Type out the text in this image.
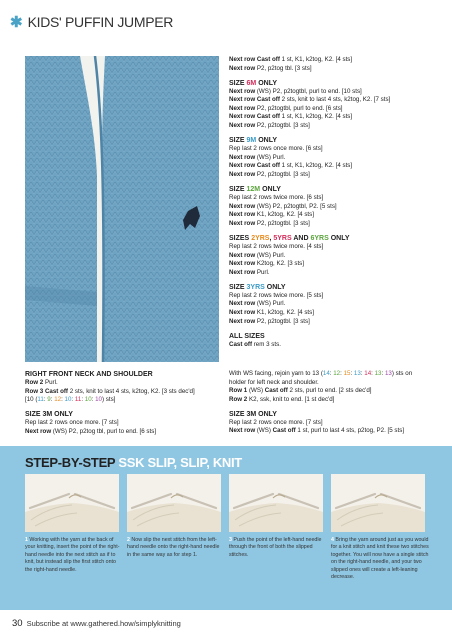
✱ KIDS' PUFFIN JUMPER
Next row Cast off 1 st, K1, k2tog, K2. [4 sts]
Next row P2, p2tog tbl. [3 sts]
SIZE 6M ONLY
Next row (WS) P2, p2togtbl, purl to end. [10 sts]
Next row Cast off 2 sts, knit to last 4 sts, k2tog, K2. [7 sts]
Next row P2, p2togtbl, purl to end. [6 sts]
Next row Cast off 1 st, K1, k2tog, K2. [4 sts]
Next row P2, p2togtbl. [3 sts]
SIZE 9M ONLY
Rep last 2 rows once more. [6 sts]
Next row (WS) Purl.
Next row Cast off 1 st, K1, k2tog, K2. [4 sts]
Next row P2, p2togtbl. [3 sts]
SIZE 12M ONLY
Rep last 2 rows twice more. [6 sts]
Next row (WS) P2, p2togtbl, P2. [5 sts]
Next row K1, k2tog, K2. [4 sts]
Next row P2, p2togtbl. [3 sts]
SIZES 2YRS, 5YRS AND 6YRS ONLY
Rep last 2 rows twice more. [4 sts]
Next row (WS) Purl.
Next row K2tog, K2. [3 sts]
Next row Purl.
SIZE 3YRS ONLY
Rep last 2 rows twice more. [5 sts]
Next row (WS) Purl.
Next row K1, k2tog, K2. [4 sts]
Next row P2, p2togtbl. [3 sts]
ALL SIZES
Cast off rem 3 sts.
RIGHT FRONT NECK AND SHOULDER
Row 2 Purl.
Row 3 Cast off 2 sts, knit to last 4 sts, k2tog, K2. [3 sts dec'd]
[10 (11: 9: 12: 10: 11: 10: 10) sts]
SIZE 3M ONLY
Rep last 2 rows once more. [7 sts]
Next row (WS) P2, p2tog tbl, purl to end. [6 sts]
With WS facing, rejoin yarn to 13 (14: 12: 15: 13: 14: 13: 13) sts on
holder for left neck and shoulder.
Row 1 (WS) Cast off 2 sts, purl to end. [2 sts dec'd]
Row 2 K2, ssk, knit to end. [1 st dec'd]
SIZE 3M ONLY
Rep last 2 rows once more. [7 sts]
Next row (WS) Cast off 1 st, purl to last 4 sts, p2tog, P2. [5 sts]
STEP-BY-STEP SSK SLIP, SLIP, KNIT
1 Working with the yarn at the back of your knitting, insert the point of the right-hand needle into the next stitch as if to knit, but instead slip the first stitch onto the right-hand needle.
2 Now slip the next stitch from the left-hand needle onto the right-hand needle in the same way as for step 1.
3 Push the point of the left-hand needle through the front of both the slipped stitches.
4 Bring the yarn around just as you would for a knit stitch and knit these two stitches together. You will now have a single stitch on the right-hand needle, and your two slipped ones will create a left-leaning decrease.
30 Subscribe at www.gathered.how/simplyknitting
